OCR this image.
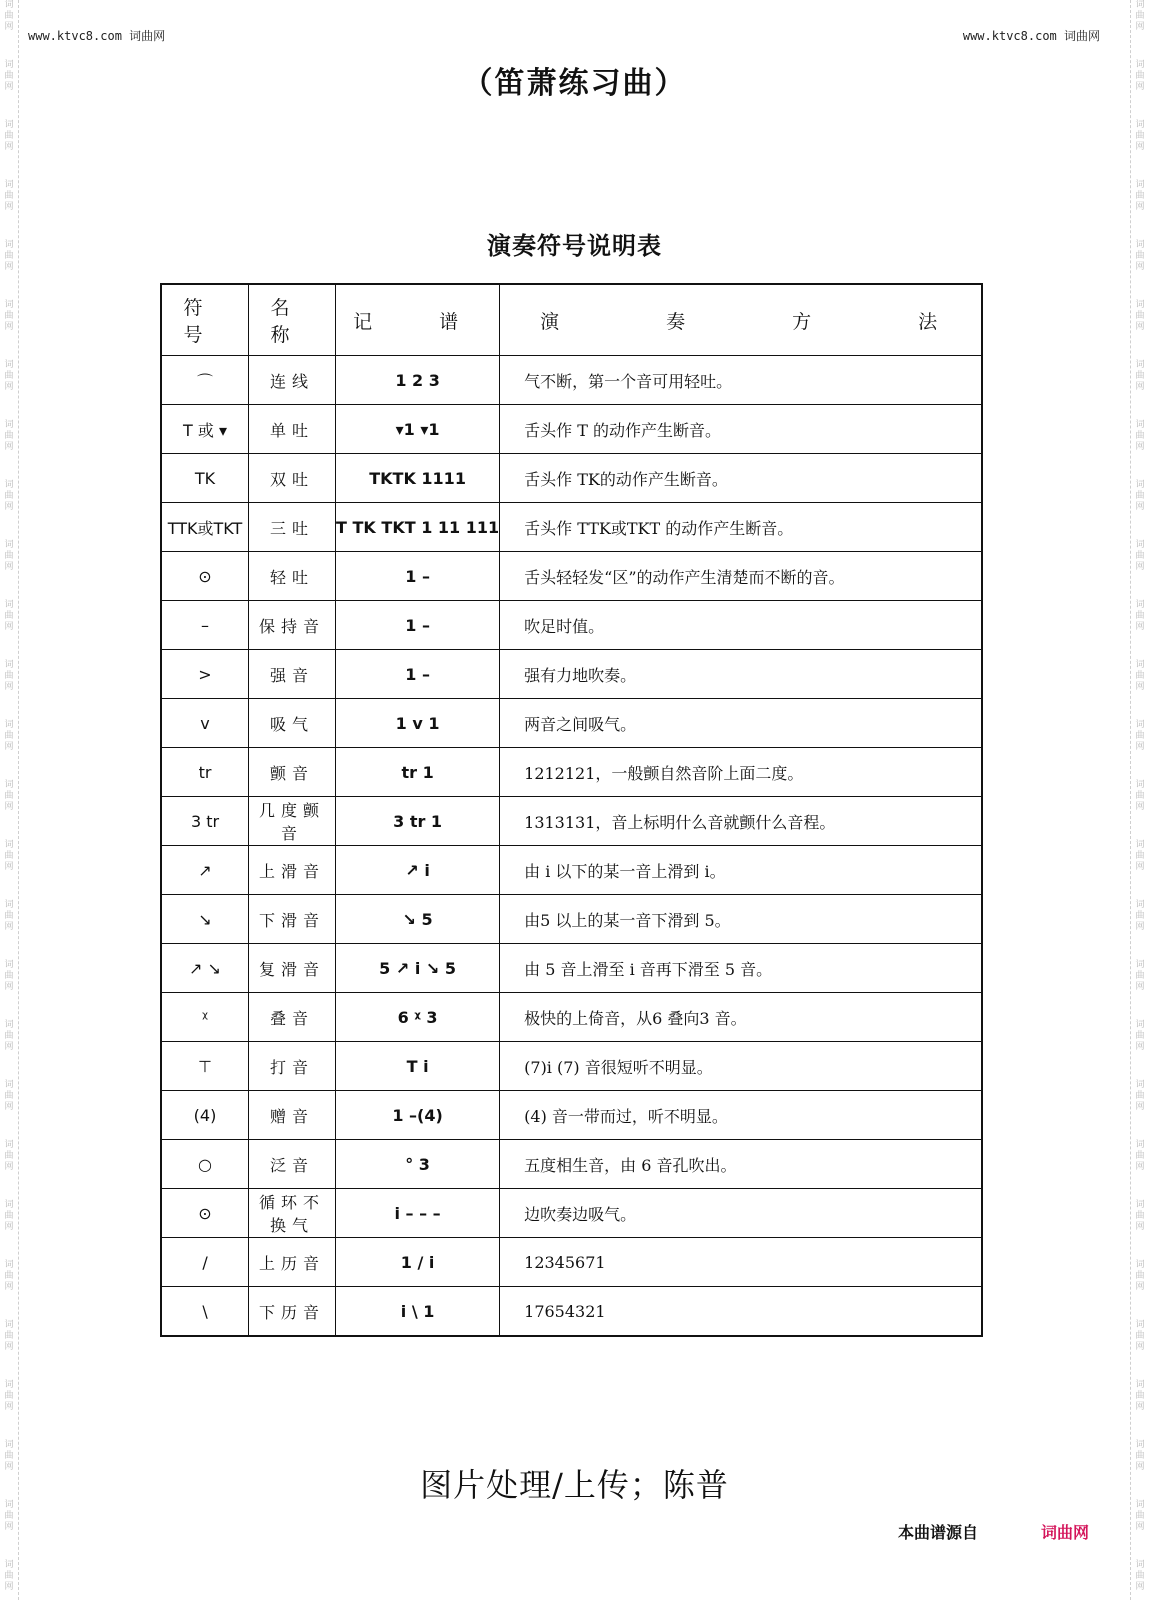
词
曲
网
词
曲
网
词
曲
网
词
曲
网
词
曲
网
词
曲
网
词
曲
网
词
曲
网
词
曲
网
词
曲
网
词
曲
网
词
曲
网
词
曲
网
词
曲
网
词
曲
网
词
曲
网
词
曲
网
词
曲
网
词
曲
网
词
曲
网
词
曲
网
词
曲
网
词
曲
网
词
曲
网
词
曲
网
词
曲
网
词
曲
网
词
曲
网
词
曲
网
词
曲
网
词
曲
网
词
曲
网
词
曲
网
词
曲
网
词
曲
网
词
曲
网
词
曲
网
词
曲
网
词
曲
网
词
曲
网
词
曲
网
词
曲
网
词
曲
网
词
曲
网
词
曲
网
词
曲
网
词
曲
网
词
曲
网
词
曲
网
词
曲
网
词
曲
网
词
曲
网
词
曲
网
词
曲
网
www.ktvc8.com 词曲网	www.ktvc8.com 词曲网
（笛萧练习曲）
演奏符号说明表
符　号	名　称	记　谱	演　奏　方　法
⌒	连线	1 2 3	气不断，第一个音可用轻吐。
T 或 ▾	单吐	▾1 ▾1	舌头作 T 的动作产生断音。
TK	双吐	TKTK 1111	舌头作 TK的动作产生断音。
TTK或TKT	三吐	T TK TKT 1 11 111	舌头作 TTK或TKT 的动作产生断音。
⊙	轻吐	1 –	舌头轻轻发“区”的动作产生清楚而不断的音。
–	保持音	1 –	吹足时值。
>	强音	1 –	强有力地吹奏。
v	吸气	1 v 1	两音之间吸气。
tr	颤音	tr 1	1212121，一般颤自然音阶上面二度。
3 tr	几度颤音	3 tr 1	1313131，音上标明什么音就颤什么音程。
↗	上滑音	↗ i	由 i 以下的某一音上滑到 i。
↘	下滑音	↘ 5	由5 以上的某一音下滑到 5。
↗ ↘	复滑音	5 ↗ i ↘ 5	由 5 音上滑至 i 音再下滑至 5 音。
ᵡ	叠音	6 ᵡ 3	极快的上倚音，从6 叠向3 音。
⊤	打音	T i	(7)i (7) 音很短听不明显。
(4)	赠音	1 –(4)	(4) 音一带而过，听不明显。
○	泛音	° 3	五度相生音，由 6 音孔吹出。
⊙	循环不换气	i – – –	边吹奏边吸气。
/	上历音	1 / i	12345671
\	下历音	i \ 1	17654321
图片处理/上传；陈普
本曲谱源自	词曲网
